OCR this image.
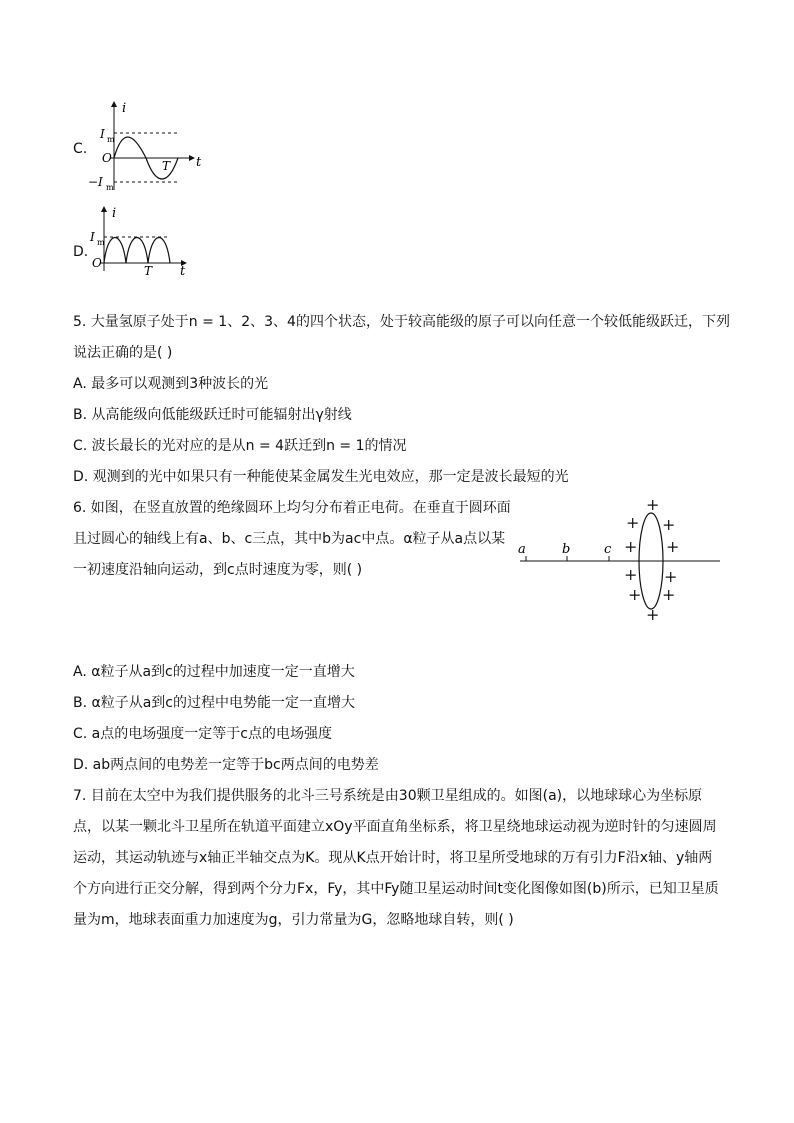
C.
i
I m
O
T t
−I m
D.
i
I m
O
T t
5. 大量氢原子处于n = 1、2、3、4的四个状态，处于较高能级的原子可以向任意一个较低能级跃迁，下列
说法正确的是( )
A. 最多可以观测到3种波长的光
B. 从高能级向低能级跃迁时可能辐射出γ射线
C. 波长最长的光对应的是从n = 4跃迁到n = 1的情况
D. 观测到的光中如果只有一种能使某金属发生光电效应，那一定是波长最短的光
6. 如图，在竖直放置的绝缘圆环上均匀分布着正电荷。在垂直于圆环面
且过圆心的轴线上有a、b、c三点，其中b为ac中点。α粒子从a点以某
一初速度沿轴向运动，到c点时速度为零，则( )
a	b	c
+
+ +
+ +
+ +
+ +
+
A. α粒子从a到c的过程中加速度一定一直增大
B. α粒子从a到c的过程中电势能一定一直增大
C. a点的电场强度一定等于c点的电场强度
D. ab两点间的电势差一定等于bc两点间的电势差
7. 目前在太空中为我们提供服务的北斗三号系统是由30颗卫星组成的。如图(a)，以地球球心为坐标原
点，以某一颗北斗卫星所在轨道平面建立xOy平面直角坐标系，将卫星绕地球运动视为逆时针的匀速圆周
运动，其运动轨迹与x轴正半轴交点为K。现从K点开始计时，将卫星所受地球的万有引力F沿x轴、y轴两
个方向进行正交分解，得到两个分力Fx，Fy，其中Fy随卫星运动时间t变化图像如图(b)所示，已知卫星质
量为m，地球表面重力加速度为g，引力常量为G，忽略地球自转，则( )
